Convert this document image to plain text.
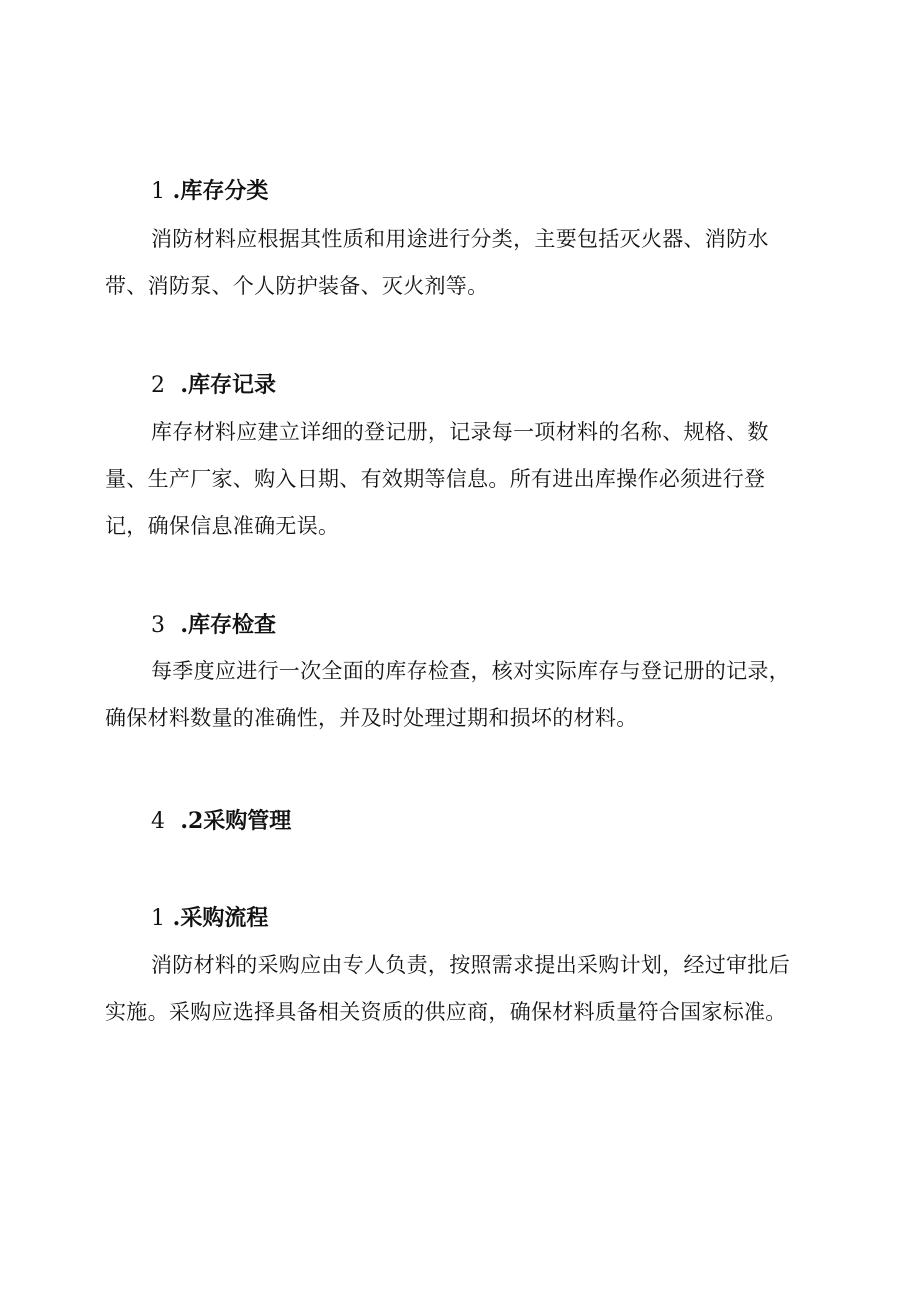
1 .库存分类
消防材料应根据其性质和用途进行分类，主要包括灭火器、消防水带、消防泵、个人防护装备、灭火剂等。
2 .库存记录
库存材料应建立详细的登记册，记录每一项材料的名称、规格、数量、生产厂家、购入日期、有效期等信息。所有进出库操作必须进行登记，确保信息准确无误。
3 .库存检查
每季度应进行一次全面的库存检查，核对实际库存与登记册的记录，确保材料数量的准确性，并及时处理过期和损坏的材料。
4 .2采购管理
1 .采购流程
消防材料的采购应由专人负责，按照需求提出采购计划，经过审批后实施。采购应选择具备相关资质的供应商，确保材料质量符合国家标准。
